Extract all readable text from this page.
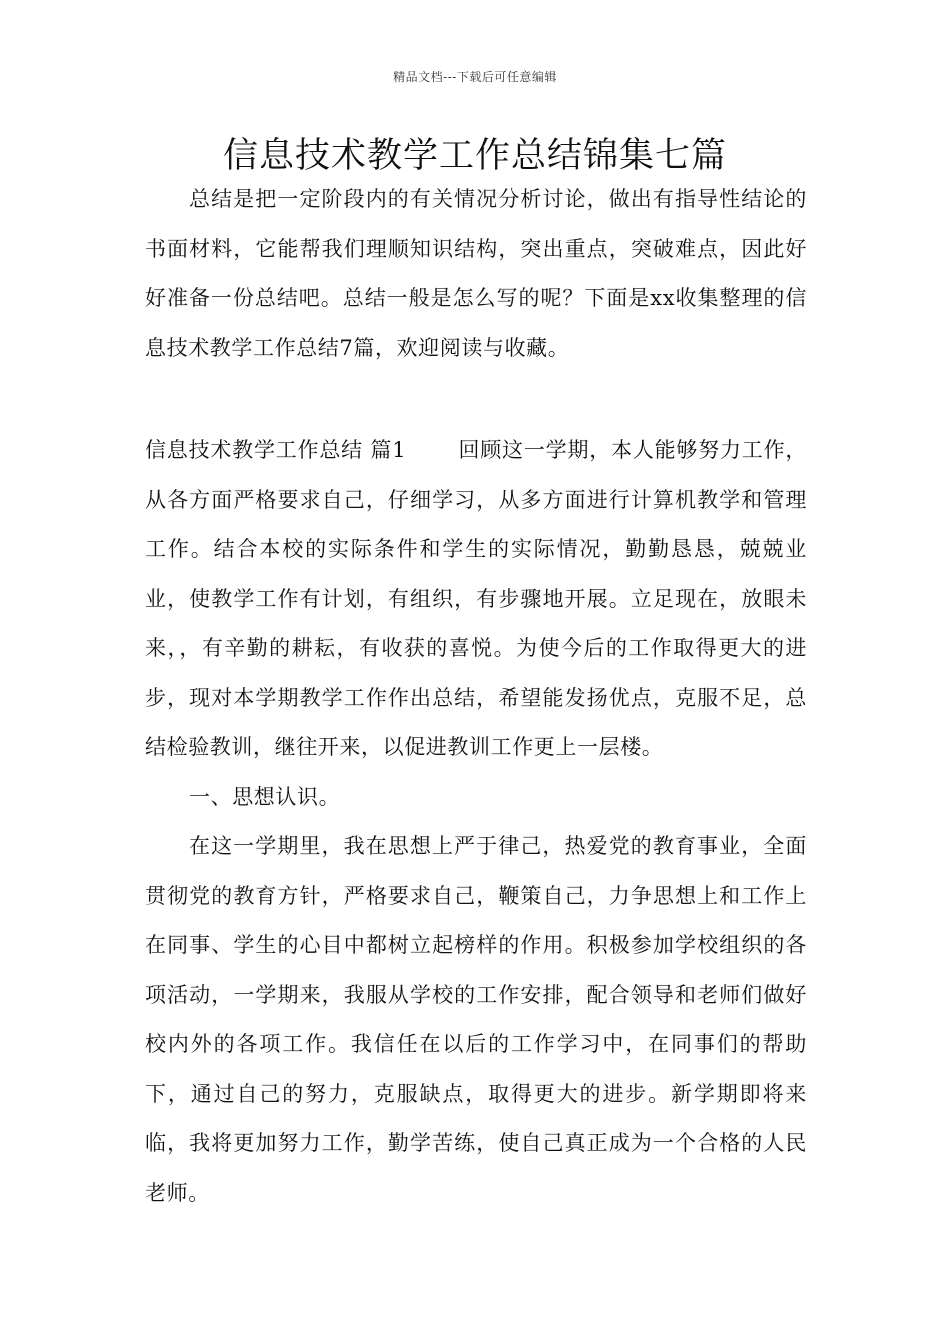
精品文档---下载后可任意编辑
信息技术教学工作总结锦集七篇

总结是把一定阶段内的有关情况分析讨论，做出有指导性结论的书面材料，它能帮我们理顺知识结构，突出重点，突破难点，因此好好准备一份总结吧。总结一般是怎么写的呢？下面是xx收集整理的信息技术教学工作总结7篇，欢迎阅读与收藏。

信息技术教学工作总结 篇1 回顾这一学期，本人能够努力工作，从各方面严格要求自己，仔细学习，从多方面进行计算机教学和管理工作。结合本校的实际条件和学生的实际情况，勤勤恳恳，兢兢业业，使教学工作有计划，有组织，有步骤地开展。立足现在，放眼未来，，有辛勤的耕耘，有收获的喜悦。为使今后的工作取得更大的进步，现对本学期教学工作作出总结，希望能发扬优点，克服不足，总结检验教训，继往开来，以促进教训工作更上一层楼。

一、思想认识。

在这一学期里，我在思想上严于律己，热爱党的教育事业，全面贯彻党的教育方针，严格要求自己，鞭策自己，力争思想上和工作上在同事、学生的心目中都树立起榜样的作用。积极参加学校组织的各项活动，一学期来，我服从学校的工作安排，配合领导和老师们做好校内外的各项工作。我信任在以后的工作学习中，在同事们的帮助下，通过自己的努力，克服缺点，取得更大的进步。新学期即将来临，我将更加努力工作，勤学苦练，使自己真正成为一个合格的人民老师。
